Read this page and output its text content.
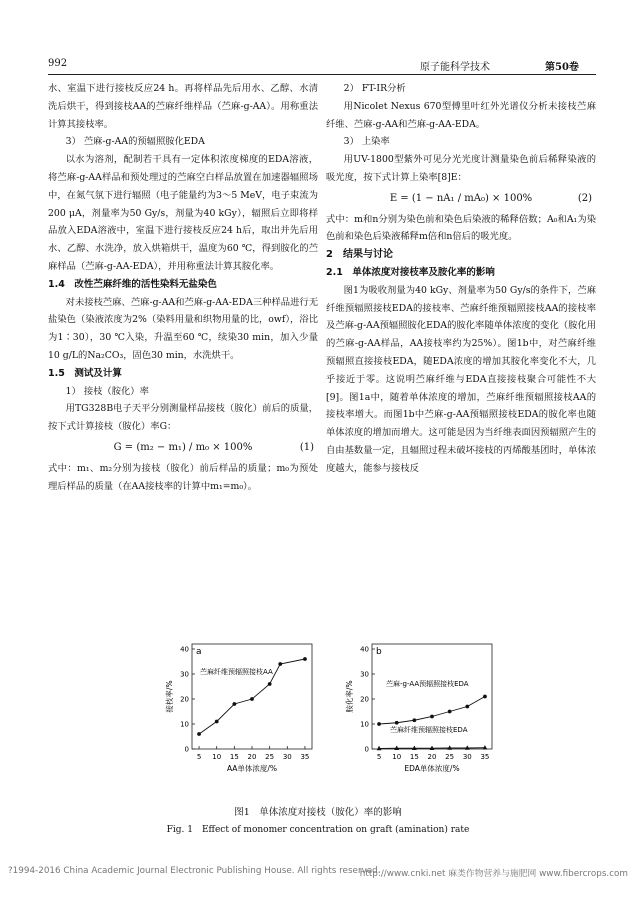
992	原子能科学技术	第50卷

水、室温下进行接枝反应24 h。再将样品先后用水、乙醇、水清洗后烘干，得到接枝AA的苎麻纤维样品（苎麻-g-AA）。用称重法计算其接枝率。

3） 苎麻-g-AA的预辐照胺化EDA

以水为溶剂，配制若干具有一定体积浓度梯度的EDA溶液，将苎麻-g-AA样品和预处理过的苎麻空白样品放置在加速器辐照场中，在氮气氛下进行辐照（电子能量约为3～5 MeV，电子束流为200 μA，剂量率为50 Gy/s，剂量为40 kGy），辐照后立即将样品放入EDA溶液中，室温下进行接枝反应24 h后，取出并先后用水、乙醇、水洗净，放入烘箱烘干，温度为60 ℃，得到胺化的苎麻样品（苎麻-g-AA-EDA），并用称重法计算其胺化率。

1.4　改性苎麻纤维的活性染料无盐染色

对未接枝苎麻、苎麻-g-AA和苎麻-g-AA-EDA三种样品进行无盐染色（染液浓度为2%（染料用量和织物用量的比，owf），浴比为1∶30），30 ℃入染，升温至60 ℃，续染30 min，加入少量10 g/L的Na₂CO₃，固色30 min，水洗烘干。

1.5　测试及计算

1） 接枝（胺化）率

用TG328B电子天平分别测量样品接枝（胺化）前后的质量，按下式计算接枝（胺化）率G：

G = (m₂ − m₁) / m₀ × 100%	(1)

式中：m₁、m₂分别为接枝（胺化）前后样品的质量；m₀为预处理后样品的质量（在AA接枝率的计算中m₁=m₀）。

2） FT-IR分析

用Nicolet Nexus 670型傅里叶红外光谱仪分析未接枝苎麻纤维、苎麻-g-AA和苎麻-g-AA-EDA。

3） 上染率

用UV-1800型紫外可见分光光度计测量染色前后稀释染液的吸光度，按下式计算上染率[8]E：

E = (1 − nA₁ / mA₀) × 100%	(2)

式中：m和n分别为染色前和染色后染液的稀释倍数；A₀和A₁为染色前和染色后染液稀释m倍和n倍后的吸光度。

2　结果与讨论

2.1　单体浓度对接枝率及胺化率的影响

图1为吸收剂量为40 kGy、剂量率为50 Gy/s的条件下，苎麻纤维预辐照接枝EDA的接枝率、苎麻纤维预辐照接枝AA的接枝率及苎麻-g-AA预辐照胺化EDA的胺化率随单体浓度的变化（胺化用的苎麻-g-AA样品，AA接枝率约为25%）。图1b中，对苎麻纤维预辐照直接接枝EDA，随EDA浓度的增加其胺化率变化不大，几乎接近于零。这说明苎麻纤维与EDA直接接枝聚合可能性不大[9]。图1a中，随着单体浓度的增加，苎麻纤维预辐照接枝AA的接枝率增大。而图1b中苎麻-g-AA预辐照接枝EDA的胺化率也随单体浓度的增加而增大。这可能是因为当纤维表面因预辐照产生的自由基数量一定，且辐照过程未破坏接枝的丙烯酸基团时，单体浓度越大，能参与接枝反

a
5 10 15 20 25 30 35
0
10
20
30
40
AA单体浓度/%
接枝率/%
苎麻纤维预辐照接枝AA
b
5 10 15 20 25 30 35
0
10
20
30
40
EDA单体浓度/%
胺化率/%	苎麻-g-AA预辐照接枝EDA
苎麻纤维预辐照接枝EDA
图1　单体浓度对接枝（胺化）率的影响
Fig. 1　Effect of monomer concentration on graft (amination) rate
?1994-2016 China Academic Journal Electronic Publishing House. All rights reserved.
http://www.cnki.net 麻类作物营养与施肥网 www.fibercrops.com
